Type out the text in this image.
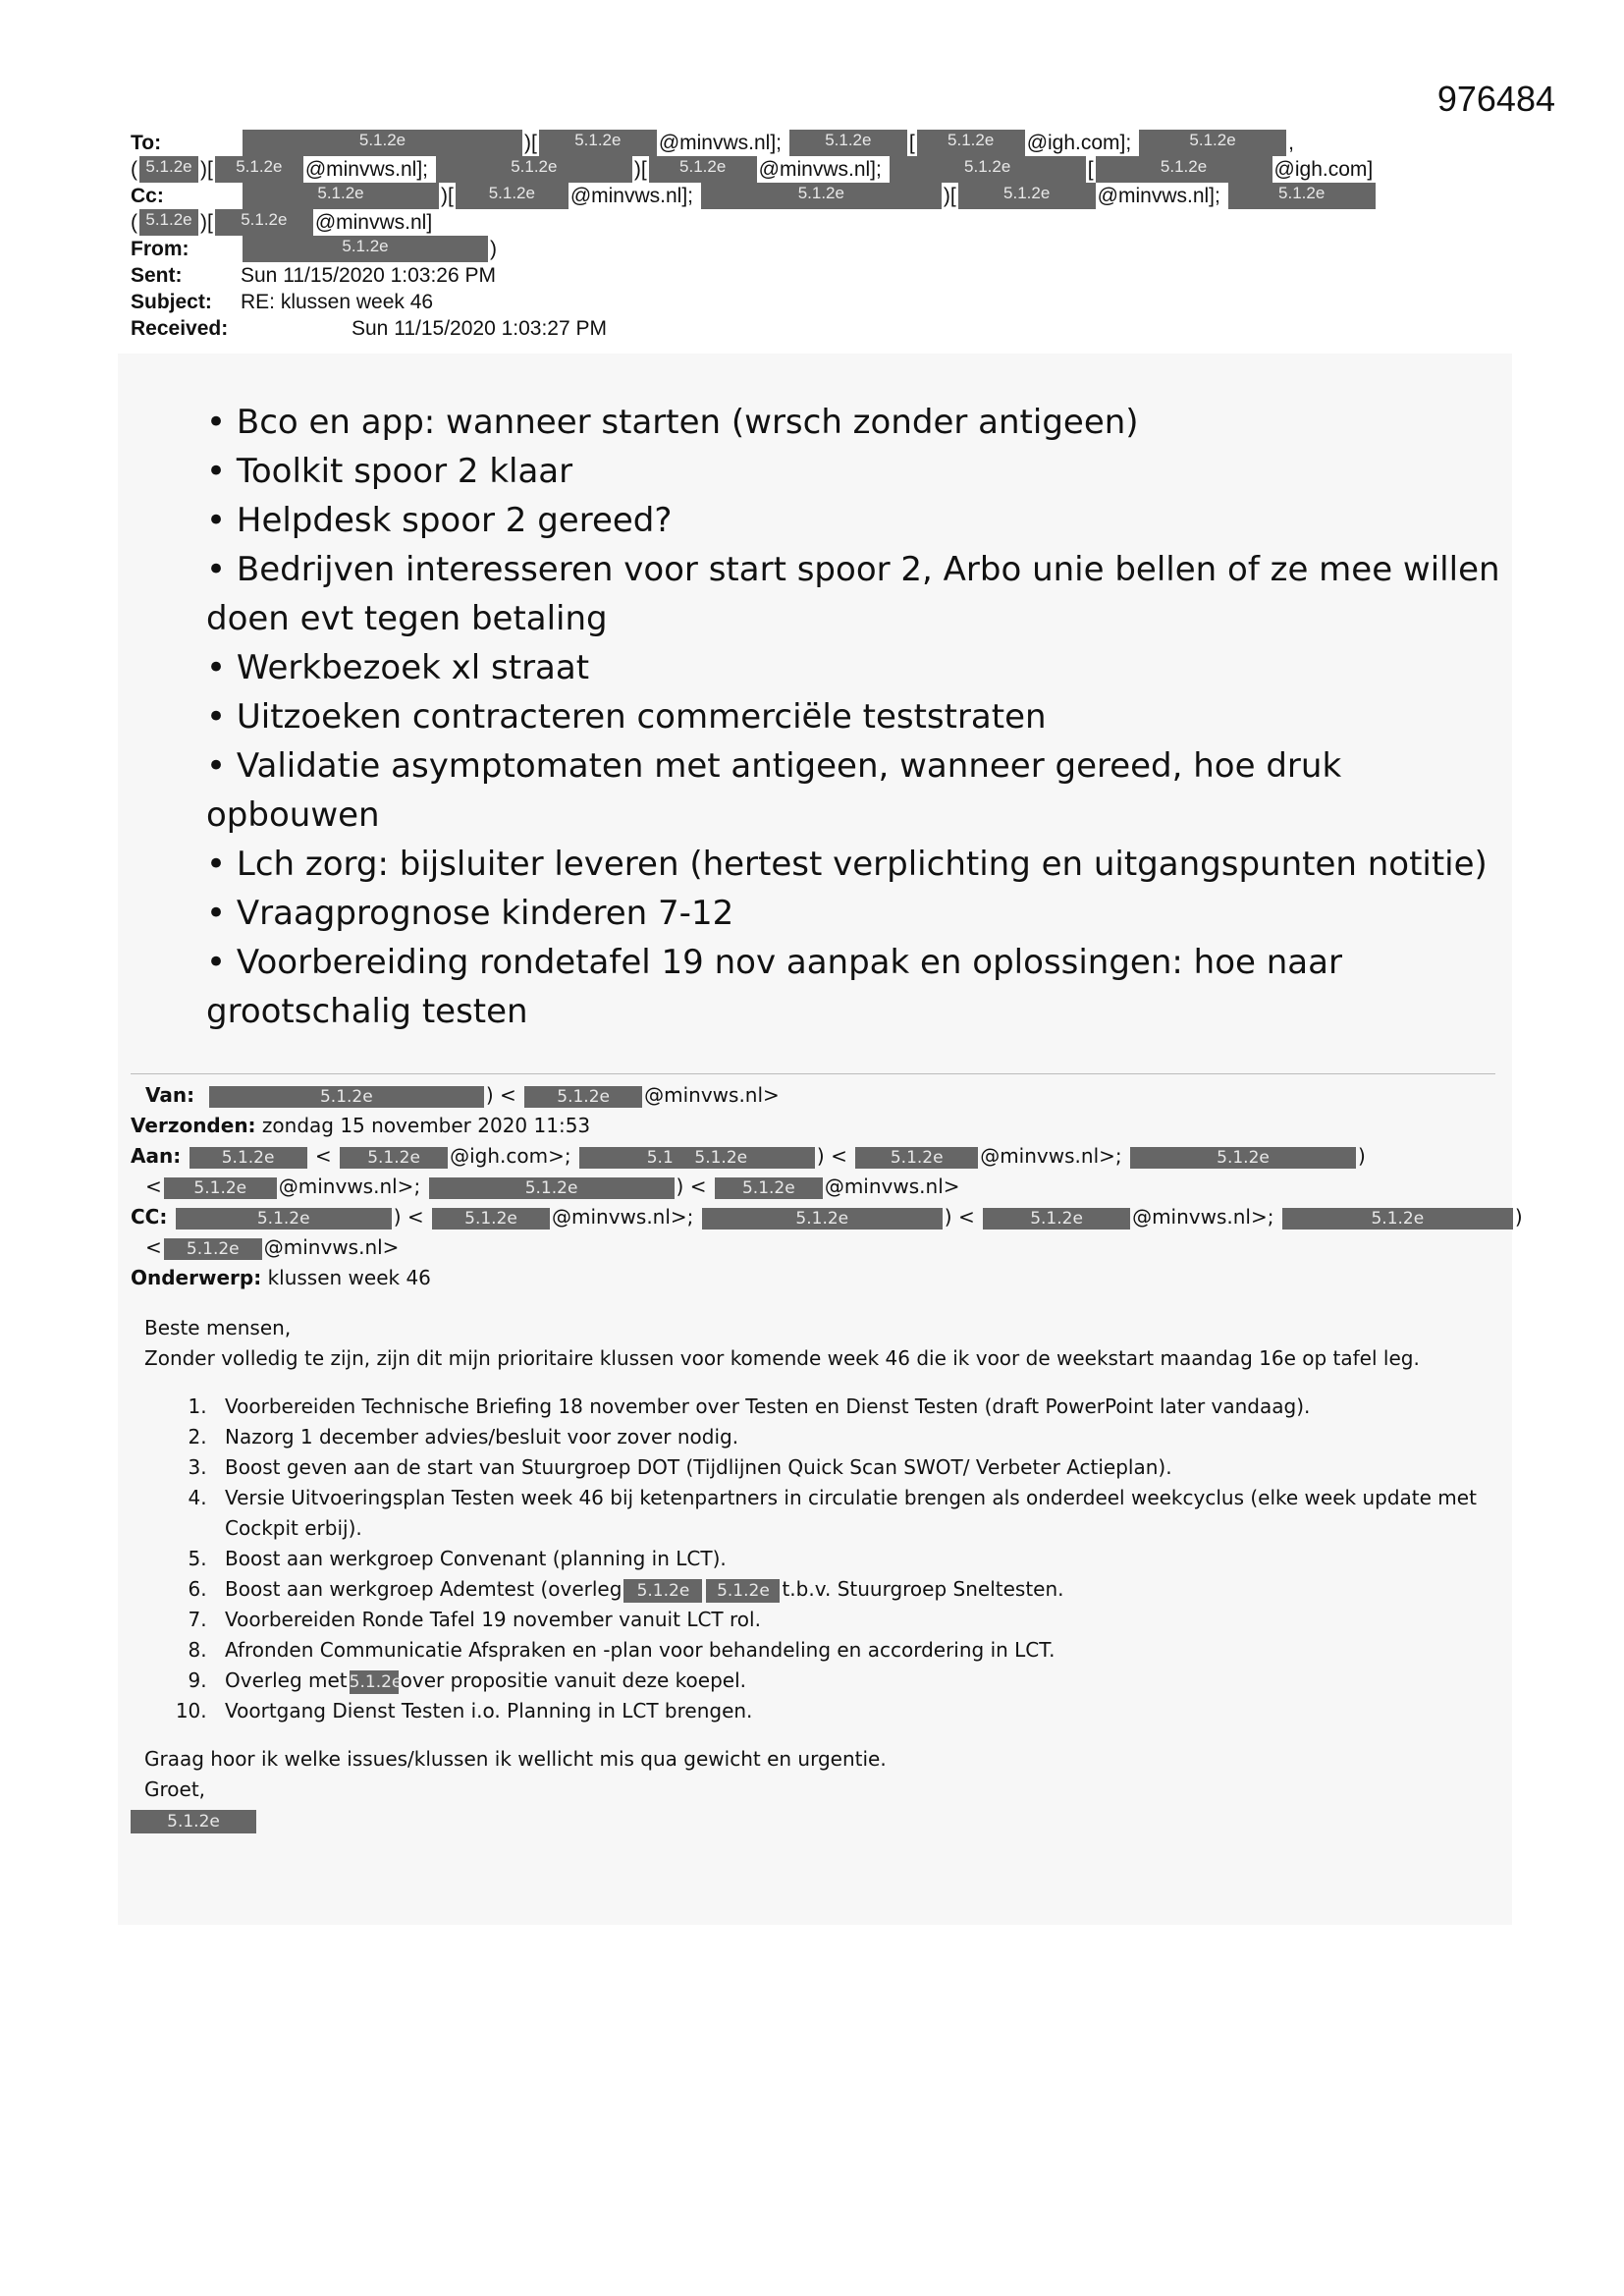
976484
To:	5.1.2e	)[	5.1.2e	@minvws.nl];
	5.1.2e	[	5.1.2e	@igh.com];
	5.1.2e	,
( 5.1.2e )[	5.1.2e	@minvws.nl];
	5.1.2e	)[	5.1.2e	@minvws.nl];
	5.1.2e	[	5.1.2e	@igh.com]
Cc:	5.1.2e	)[	5.1.2e	@minvws.nl];
	5.1.2e	)[	5.1.2e	@minvws.nl];
	5.1.2e
( 5.1.2e )[	5.1.2e	@minvws.nl]
From:	5.1.2e	)
Sent:	Sun 11/15/2020 1:03:26 PM
Subject:	RE: klussen week 46
Received:	Sun 11/15/2020 1:03:27 PM

• Bco en app: wanneer starten (wrsch zonder antigeen)

• Toolkit spoor 2 klaar

• Helpdesk spoor 2 gereed?

• Bedrijven interesseren voor start spoor 2, Arbo unie bellen of ze mee willen doen evt tegen betaling

• Werkbezoek xl straat

• Uitzoeken contracteren commerciële teststraten

• Validatie asymptomaten met antigeen, wanneer gereed, hoe druk opbouwen

• Lch zorg: bijsluiter leveren (hertest verplichting en uitgangspunten notitie)

• Vraagprognose kinderen 7-12

• Voorbereiding rondetafel 19 nov aanpak en oplossingen: hoe naar grootschalig testen

Van:	5.1.2e	) < 5.1.2e @minvws.nl>
Verzonden: zondag 15 november 2020 11:53
Aan: 5.1.2e < 5.1.2e @igh.com>;	5.1 5.1.2e	) < 5.1.2e @minvws.nl>;	5.1.2e	)
< 5.1.2e @minvws.nl>;	5.1.2e	) < 5.1.2e @minvws.nl>
CC:	5.1.2e	) < 5.1.2e @minvws.nl>;	5.1.2e	) <	5.1.2e	@minvws.nl>;	5.1.2e	)
< 5.1.2e @minvws.nl>
Onderwerp: klussen week 46
Beste mensen,
Zonder volledig te zijn, zijn dit mijn prioritaire klussen voor komende week 46 die ik voor de weekstart maandag 16e op tafel leg.
1. Voorbereiden Technische Briefing 18 november over Testen en Dienst Testen (draft PowerPoint later vandaag).
2. Nazorg 1 december advies/besluit voor zover nodig.
3. Boost geven aan de start van Stuurgroep DOT (Tijdlijnen Quick Scan SWOT/ Verbeter Actieplan).
4. Versie Uitvoeringsplan Testen week 46 bij ketenpartners in circulatie brengen als onderdeel weekcyclus (elke week update met Cockpit erbij).
5. Boost aan werkgroep Convenant (planning in LCT).
6. Boost aan werkgroep Ademtest (overleg 5.1.2e 5.1.2e t.b.v. Stuurgroep Sneltesten.
7. Voorbereiden Ronde Tafel 19 november vanuit LCT rol.
8. Afronden Communicatie Afspraken en -plan voor behandeling en accordering in LCT.
9. Overleg met 5.1.2eover propositie vanuit deze koepel.
10. Voortgang Dienst Testen i.o. Planning in LCT brengen.
Graag hoor ik welke issues/klussen ik wellicht mis qua gewicht en urgentie.
Groet,
5.1.2e
